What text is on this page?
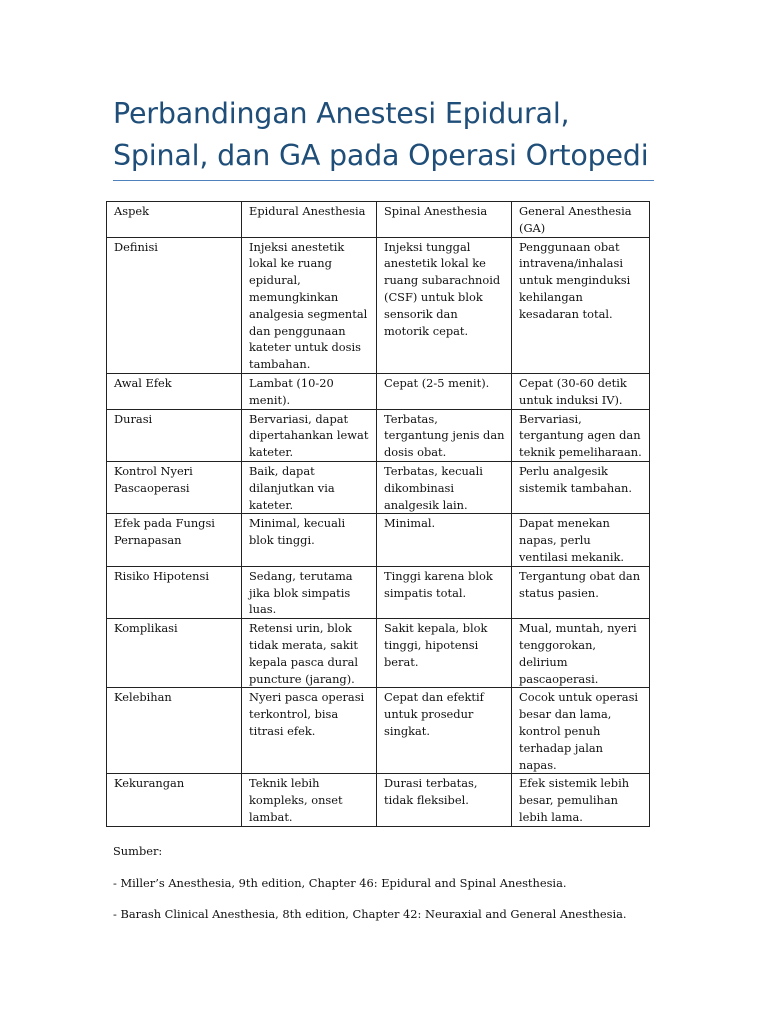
Perbandingan Anestesi Epidural, Spinal, dan GA pada Operasi Ortopedi
Aspek	Epidural Anesthesia	Spinal Anesthesia	General Anesthesia (GA)
Definisi	Injeksi anestetik lokal ke ruang epidural, memungkinkan analgesia segmental dan penggunaan kateter untuk dosis tambahan.	Injeksi tunggal anestetik lokal ke ruang subarachnoid (CSF) untuk blok sensorik dan motorik cepat.	Penggunaan obat intravena/inhalasi untuk menginduksi kehilangan kesadaran total.
Awal Efek	Lambat (10-20 menit).	Cepat (2-5 menit).	Cepat (30-60 detik untuk induksi IV).
Durasi	Bervariasi, dapat dipertahankan lewat kateter.	Terbatas, tergantung jenis dan dosis obat.	Bervariasi, tergantung agen dan teknik pemeliharaan.
Kontrol Nyeri Pascaoperasi	Baik, dapat dilanjutkan via kateter.	Terbatas, kecuali dikombinasi analgesik lain.	Perlu analgesik sistemik tambahan.
Efek pada Fungsi Pernapasan	Minimal, kecuali blok tinggi.	Minimal.	Dapat menekan napas, perlu ventilasi mekanik.
Risiko Hipotensi	Sedang, terutama jika blok simpatis luas.	Tinggi karena blok simpatis total.	Tergantung obat dan status pasien.
Komplikasi	Retensi urin, blok tidak merata, sakit kepala pasca dural puncture (jarang).	Sakit kepala, blok tinggi, hipotensi berat.	Mual, muntah, nyeri tenggorokan, delirium pascaoperasi.
Kelebihan	Nyeri pasca operasi terkontrol, bisa titrasi efek.	Cepat dan efektif untuk prosedur singkat.	Cocok untuk operasi besar dan lama, kontrol penuh terhadap jalan napas.
Kekurangan	Teknik lebih kompleks, onset lambat.	Durasi terbatas, tidak fleksibel.	Efek sistemik lebih besar, pemulihan lebih lama.

Sumber:

- Miller’s Anesthesia, 9th edition, Chapter 46: Epidural and Spinal Anesthesia.

- Barash Clinical Anesthesia, 8th edition, Chapter 42: Neuraxial and General Anesthesia.
